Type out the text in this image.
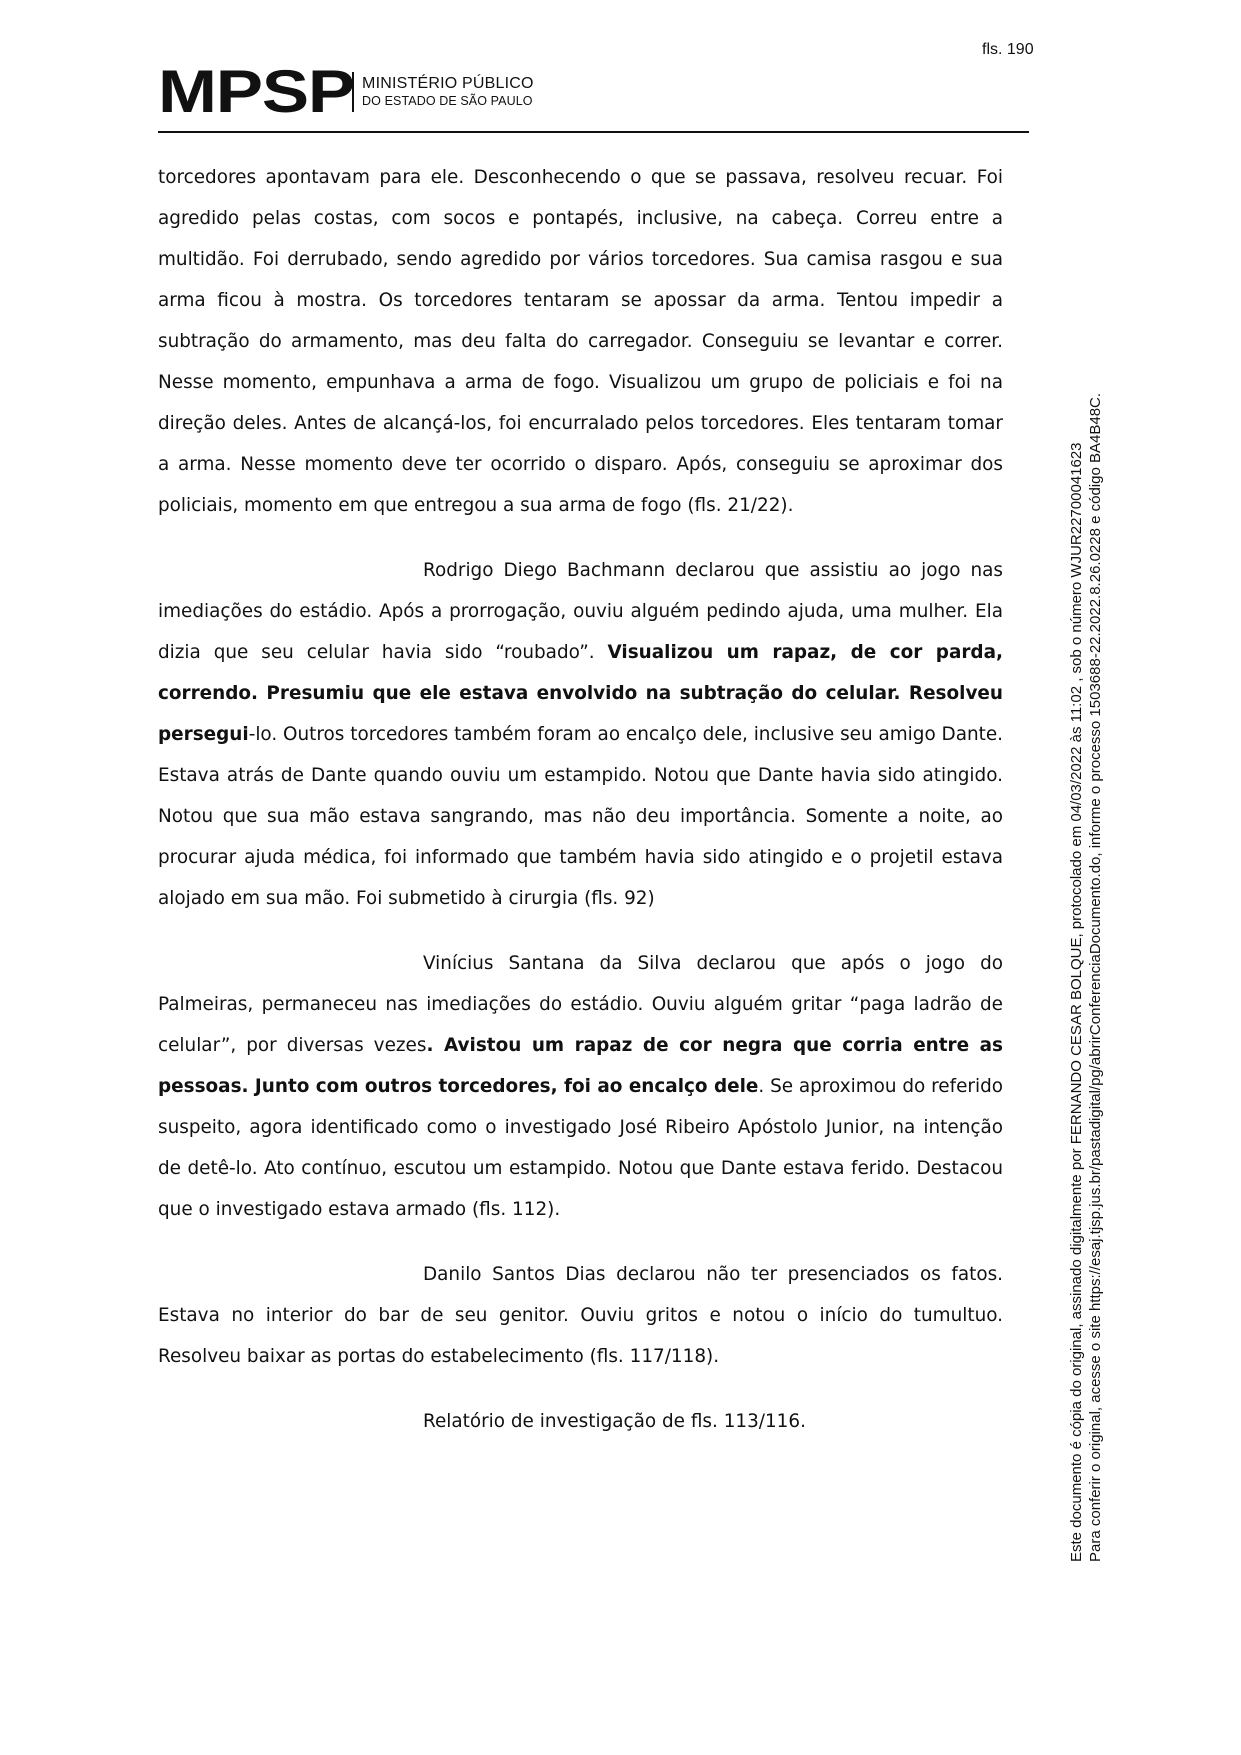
fls. 190
MPSP MINISTÉRIO PÚBLICO
DO ESTADO DE SÃO PAULO

torcedores apontavam para ele. Desconhecendo o que se passava, resolveu recuar. Foi agredido pelas costas, com socos e pontapés, inclusive, na cabeça. Correu entre a multidão. Foi derrubado, sendo agredido por vários torcedores. Sua camisa rasgou e sua arma ficou à mostra. Os torcedores tentaram se apossar da arma. Tentou impedir a subtração do armamento, mas deu falta do carregador. Conseguiu se levantar e correr. Nesse momento, empunhava a arma de fogo. Visualizou um grupo de policiais e foi na direção deles. Antes de alcançá-los, foi encurralado pelos torcedores. Eles tentaram tomar a arma. Nesse momento deve ter ocorrido o disparo. Após, conseguiu se aproximar dos policiais, momento em que entregou a sua arma de fogo (fls. 21/22).

Rodrigo Diego Bachmann declarou que assistiu ao jogo nas imediações do estádio. Após a prorrogação, ouviu alguém pedindo ajuda, uma mulher. Ela dizia que seu celular havia sido “roubado”. Visualizou um rapaz, de cor parda, correndo. Presumiu que ele estava envolvido na subtração do celular. Resolveu persegui-lo. Outros torcedores também foram ao encalço dele, inclusive seu amigo Dante. Estava atrás de Dante quando ouviu um estampido. Notou que Dante havia sido atingido. Notou que sua mão estava sangrando, mas não deu importância. Somente a noite, ao procurar ajuda médica, foi informado que também havia sido atingido e o projetil estava alojado em sua mão. Foi submetido à cirurgia (fls. 92)

Vinícius Santana da Silva declarou que após o jogo do Palmeiras, permaneceu nas imediações do estádio. Ouviu alguém gritar “paga ladrão de celular”, por diversas vezes. Avistou um rapaz de cor negra que corria entre as pessoas. Junto com outros torcedores, foi ao encalço dele. Se aproximou do referido suspeito, agora identificado como o investigado José Ribeiro Apóstolo Junior, na intenção de detê-lo. Ato contínuo, escutou um estampido. Notou que Dante estava ferido. Destacou que o investigado estava armado (fls. 112).

Danilo Santos Dias declarou não ter presenciados os fatos. Estava no interior do bar de seu genitor. Ouviu gritos e notou o início do tumultuo. Resolveu baixar as portas do estabelecimento (fls. 117/118).

Relatório de investigação de fls. 113/116.	Este documento é cópia do original, assinado digitalmente por FERNANDO CESAR BOLQUE, protocolado em 04/03/2022 às 11:02 , sob o número WJUR22700041623 Para conferir o original, acesse o site https://esaj.tjsp.jus.br/pastadigital/pg/abrirConferenciaDocumento.do, informe o processo 1503688-22.2022.8.26.0228 e código BA4B48C.
